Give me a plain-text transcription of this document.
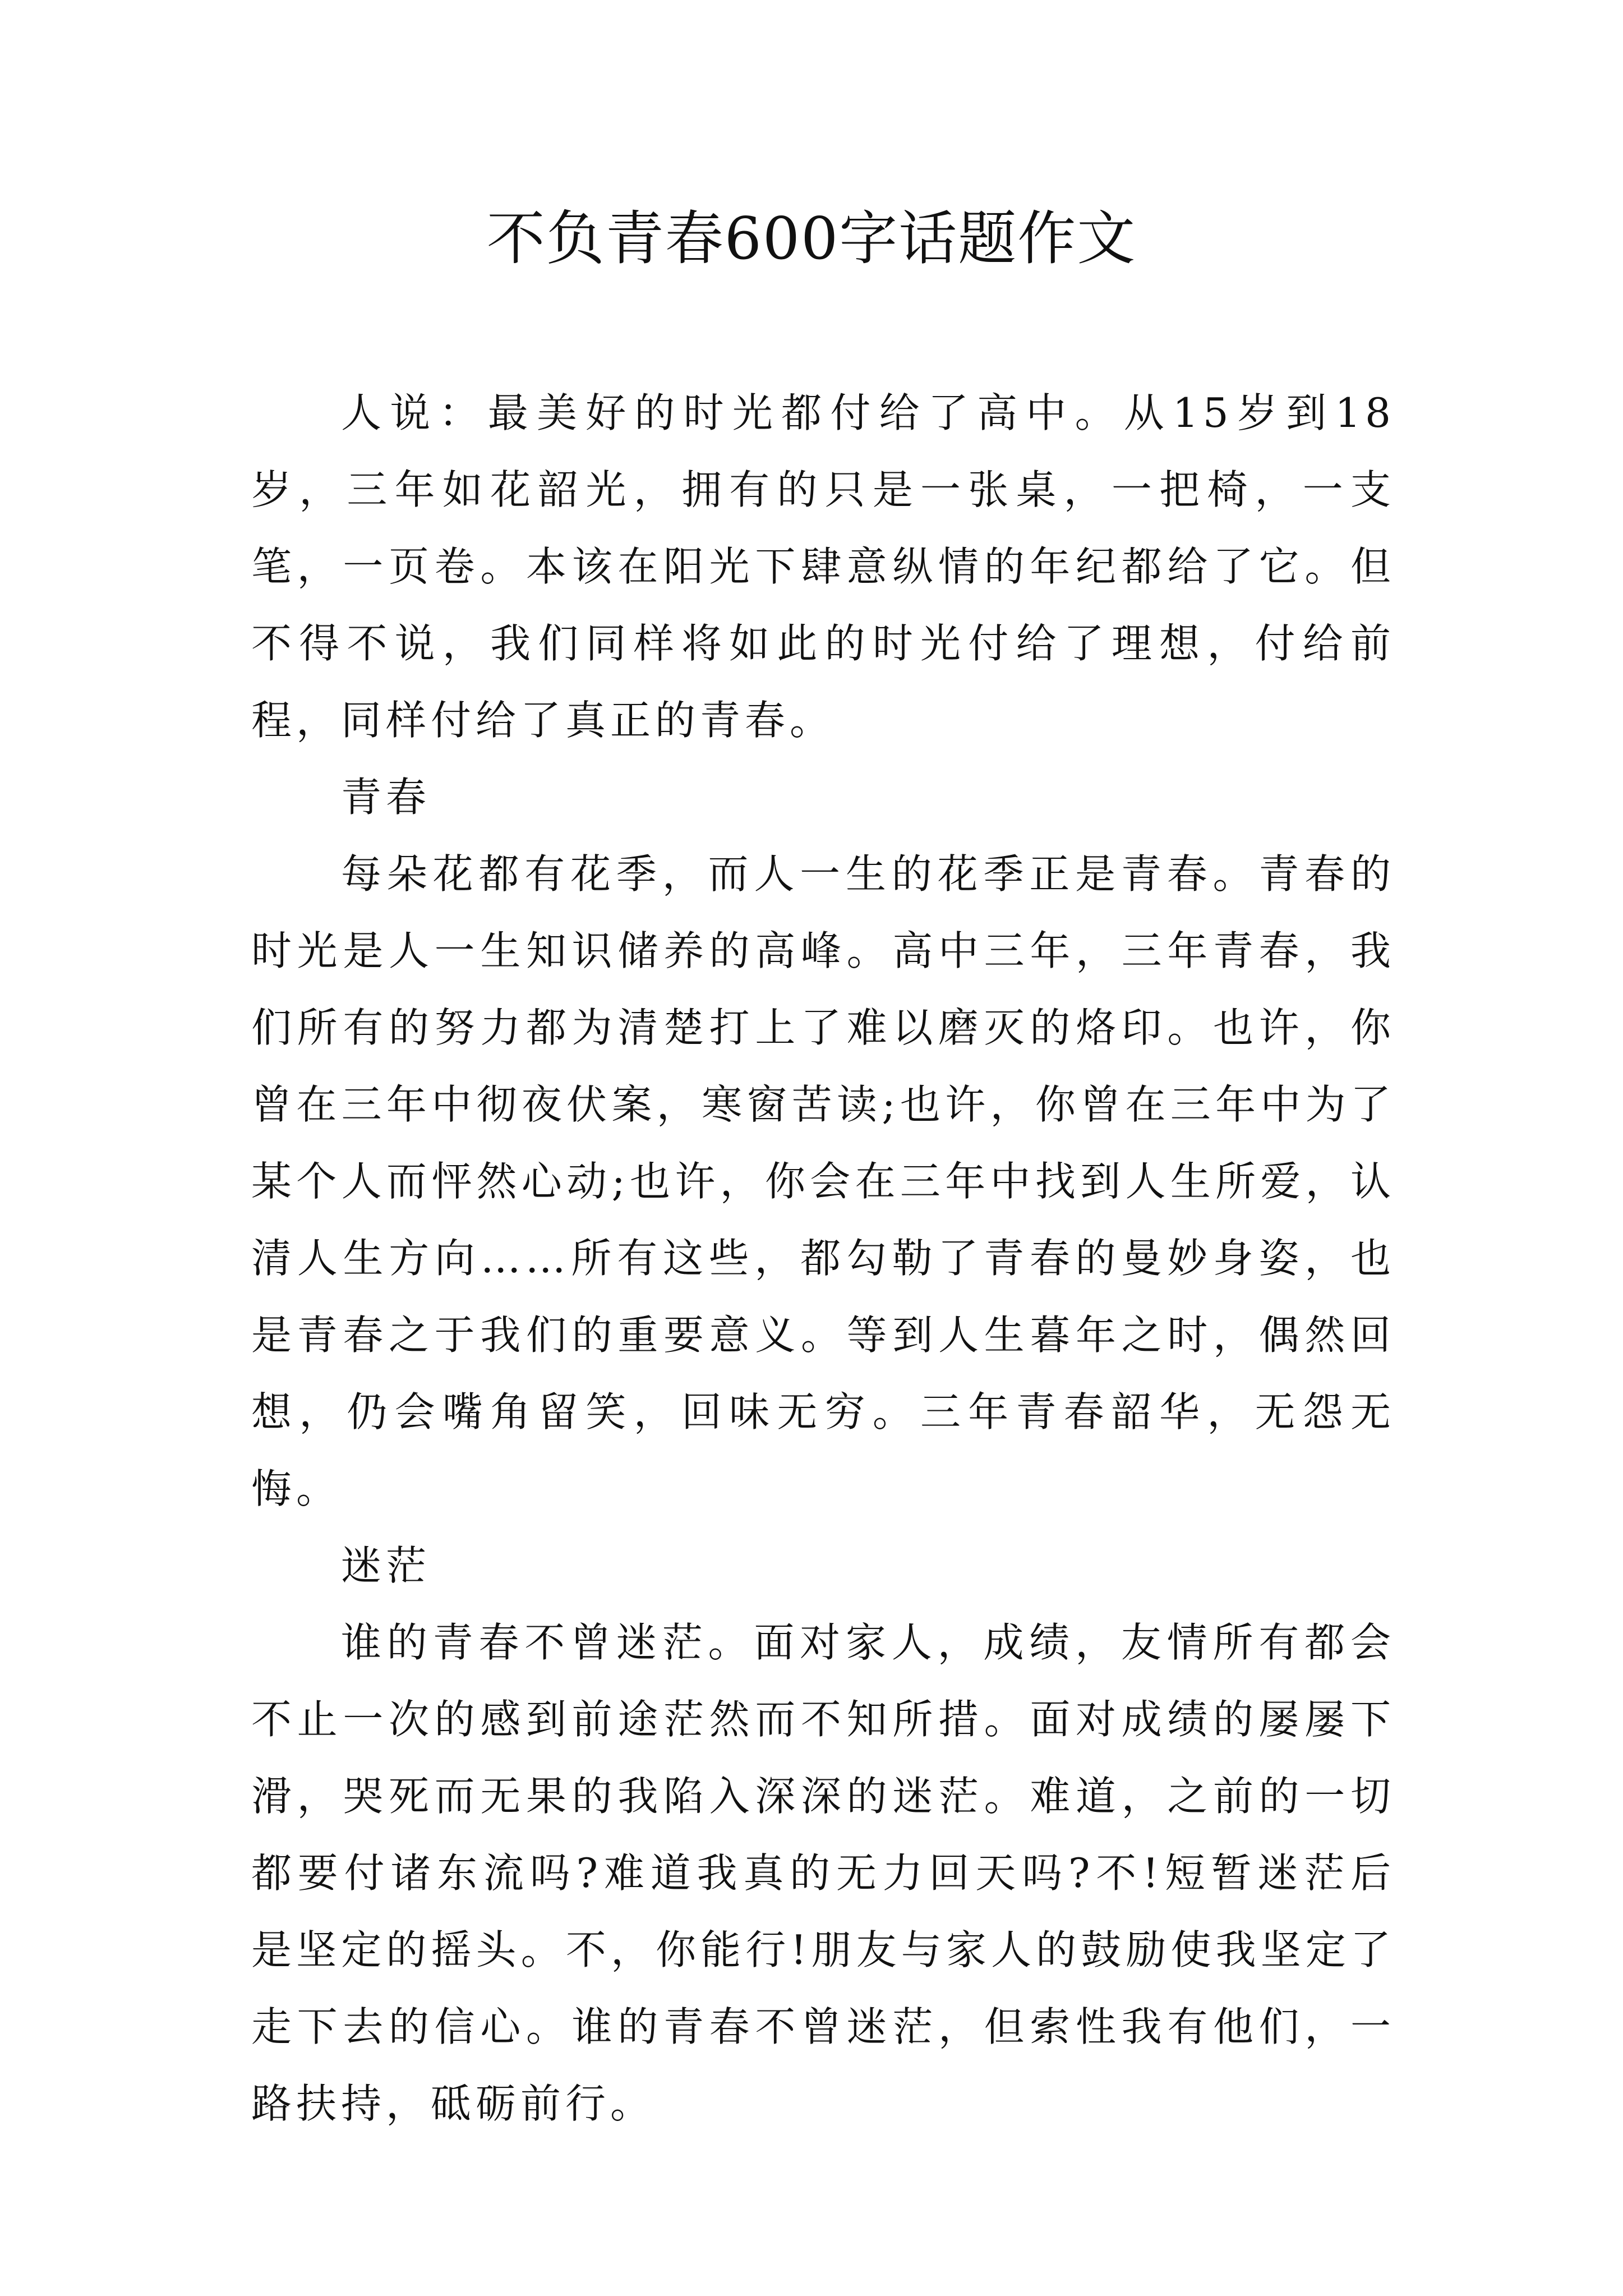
不负青春600字话题作文

人说：最美好的时光都付给了高中。从15岁到18岁，三年如花韶光，拥有的只是一张桌，一把椅，一支笔，一页卷。本该在阳光下肆意纵情的年纪都给了它。但不得不说，我们同样将如此的时光付给了理想，付给前程，同样付给了真正的青春。

青春

每朵花都有花季，而人一生的花季正是青春。青春的时光是人一生知识储养的高峰。高中三年，三年青春，我们所有的努力都为清楚打上了难以磨灭的烙印。也许，你曾在三年中彻夜伏案，寒窗苦读;也许，你曾在三年中为了某个人而怦然心动;也许，你会在三年中找到人生所爱，认清人生方向……所有这些，都勾勒了青春的曼妙身姿，也是青春之于我们的重要意义。等到人生暮年之时，偶然回想，仍会嘴角留笑，回味无穷。三年青春韶华，无怨无悔。

迷茫

谁的青春不曾迷茫。面对家人，成绩，友情所有都会不止一次的感到前途茫然而不知所措。面对成绩的屡屡下滑，哭死而无果的我陷入深深的迷茫。难道，之前的一切都要付诸东流吗?难道我真的无力回天吗?不!短暂迷茫后是坚定的摇头。不，你能行!朋友与家人的鼓励使我坚定了走下去的信心。谁的青春不曾迷茫，但索性我有他们，一路扶持，砥砺前行。
